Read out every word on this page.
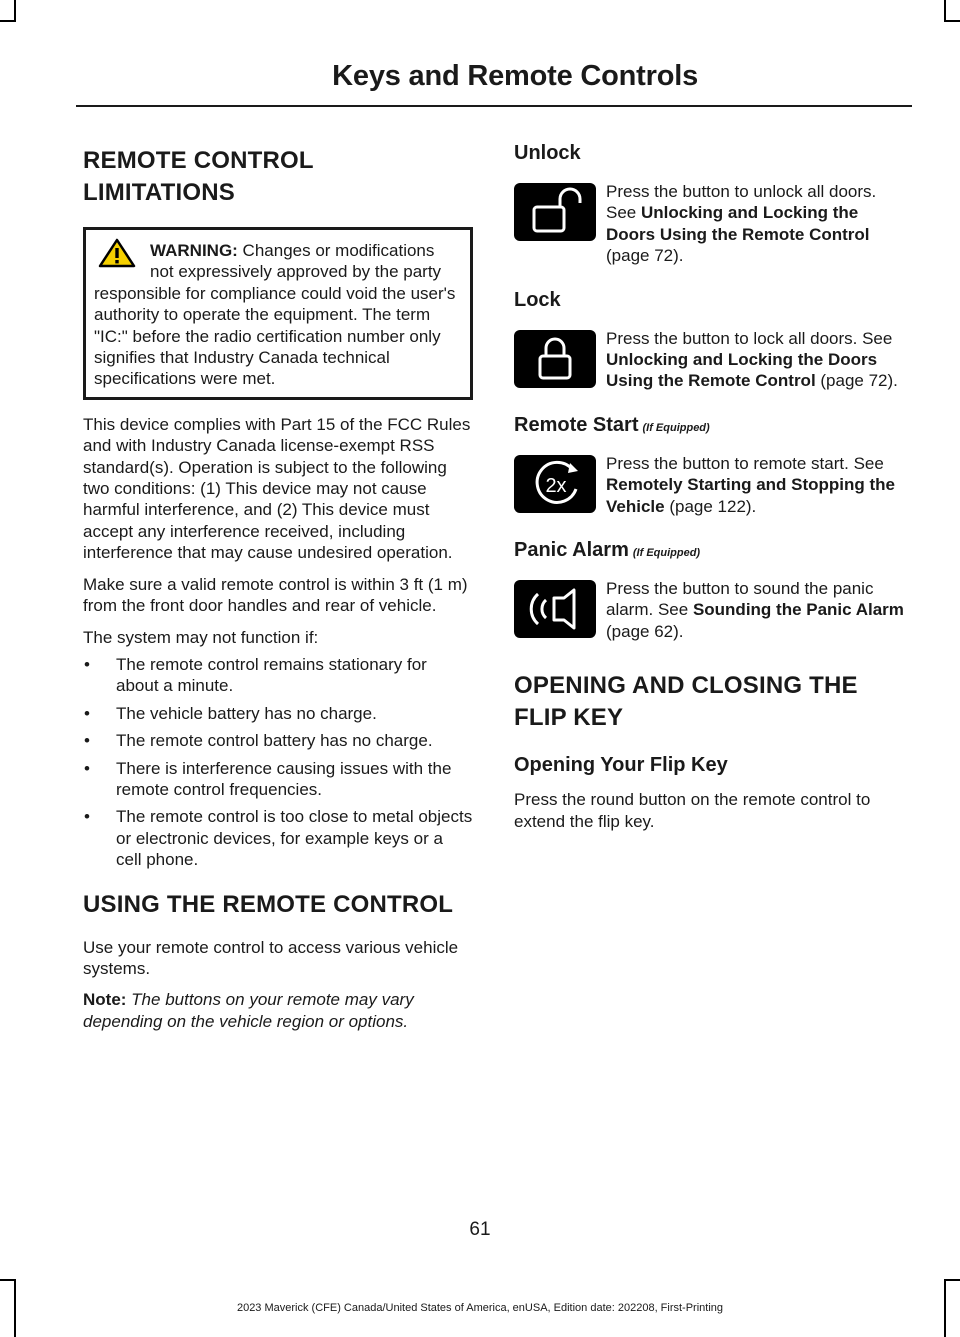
Keys and Remote Controls
REMOTE CONTROL
LIMITATIONS

WARNING: Changes or modifications not expressively approved by the party responsible for compliance could void the user's authority to operate the equipment. The term "IC:" before the radio certification number only signifies that Industry Canada technical specifications were met.

This device complies with Part 15 of the FCC Rules and with Industry Canada license-exempt RSS standard(s). Operation is subject to the following two conditions: (1) This device may not cause harmful interference, and (2) This device must accept any interference received, including interference that may cause undesired operation.

Make sure a valid remote control is within 3 ft (1 m) from the front door handles and rear of vehicle.

The system may not function if:

• The remote control remains stationary for about a minute.
• The vehicle battery has no charge.
• The remote control battery has no charge.
• There is interference causing issues with the remote control frequencies.
• The remote control is too close to metal objects or electronic devices, for example keys or a cell phone.
USING THE REMOTE CONTROL

Use your remote control to access various vehicle systems.

Note: The buttons on your remote may vary depending on the vehicle region or options.

Unlock

Press the button to unlock all doors. See Unlocking and Locking the Doors Using the Remote Control (page 72).

Lock

Press the button to lock all doors. See Unlocking and Locking the Doors Using the Remote Control (page 72).

Remote Start (If Equipped)
2x

Press the button to remote start. See Remotely Starting and Stopping the Vehicle (page 122).

Panic Alarm (If Equipped)

Press the button to sound the panic alarm. See Sounding the Panic Alarm (page 62).

OPENING AND CLOSING THE
FLIP KEY
Opening Your Flip Key

Press the round button on the remote control to extend the flip key.

61
2023 Maverick (CFE) Canada/United States of America, enUSA, Edition date: 202208, First-Printing
